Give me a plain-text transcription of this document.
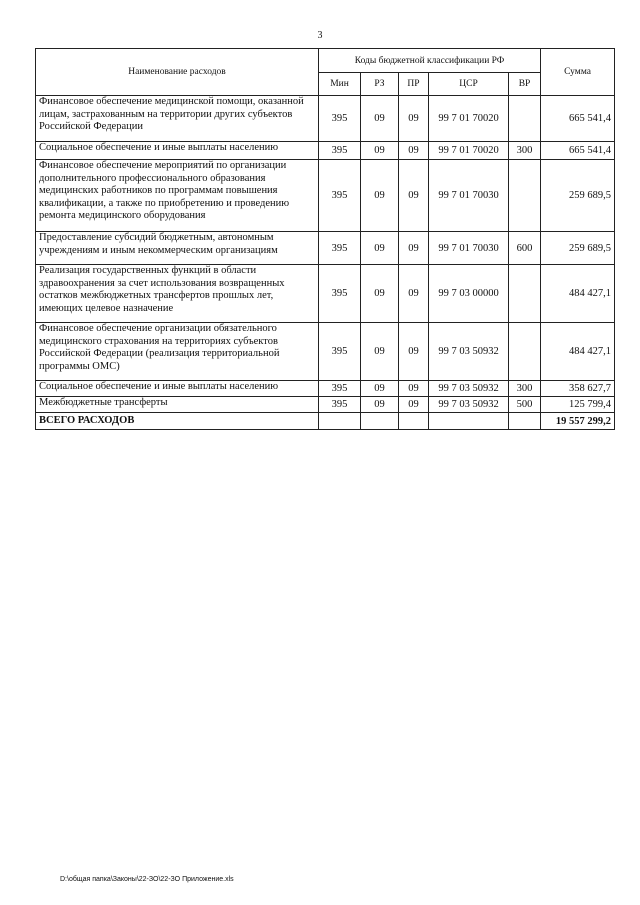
3
Наименование расходов	Коды бюджетной классификации РФ					Сумма
	Мин	РЗ	ПР	ЦСР	ВР	
Финансовое обеспечение медицинской помощи, оказанной лицам, застрахованным на территории других субъектов Российской Федерации	395	09	09	99 7 01 70020		665 541,4
Социальное обеспечение и иные выплаты населению	395	09	09	99 7 01 70020	300	665 541,4
Финансовое обеспечение мероприятий по организации дополнительного профессионального образования медицинских работников по программам повышения квалификации, а также по приобретению и проведению ремонта медицинского оборудования	395	09	09	99 7 01 70030		259 689,5
Предоставление субсидий бюджетным, автономным учреждениям и иным некоммерческим организациям	395	09	09	99 7 01 70030	600	259 689,5
Реализация государственных функций в области здравоохранения за счет использования возвращенных остатков межбюджетных трансфертов прошлых лет, имеющих целевое назначение	395	09	09	99 7 03 00000		484 427,1
Финансовое обеспечение организации обязательного медицинского страхования на территориях субъектов Российской Федерации (реализация территориальной программы ОМС)	395	09	09	99 7 03 50932		484 427,1
Социальное обеспечение и иные выплаты населению	395	09	09	99 7 03 50932	300	358 627,7
Межбюджетные трансферты	395	09	09	99 7 03 50932	500	125 799,4
ВСЕГО РАСХОДОВ						19 557 299,2
D:\общая папка\Законы\22-ЗО\22-ЗО Приложение.xls
